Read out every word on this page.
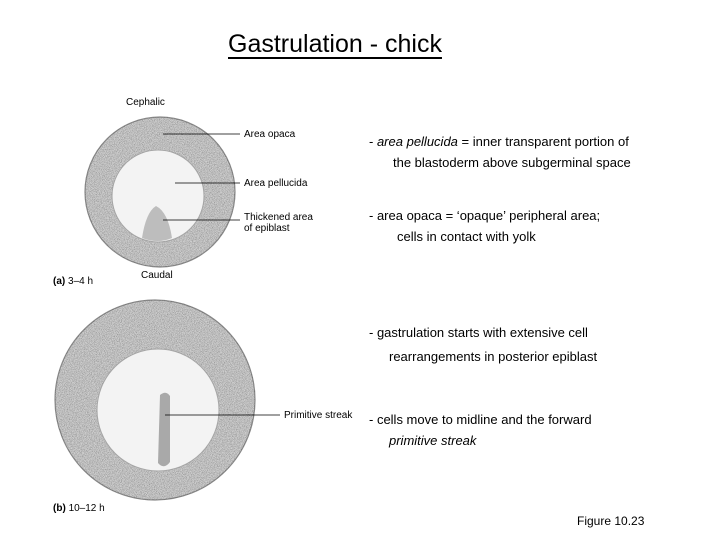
Gastrulation - chick
Cephalic
Area opaca
Area pellucida
Thickened area
of epiblast
Caudal
(a) 3–4 h
Primitive streak
(b) 10–12 h
- area pellucida = inner transparent portion of
the blastoderm above subgerminal space
- area opaca = ‘opaque’ peripheral area;
cells in contact with yolk
- gastrulation starts with extensive cell
rearrangements in posterior epiblast
- cells move to midline and the forward
primitive streak
Figure 10.23
